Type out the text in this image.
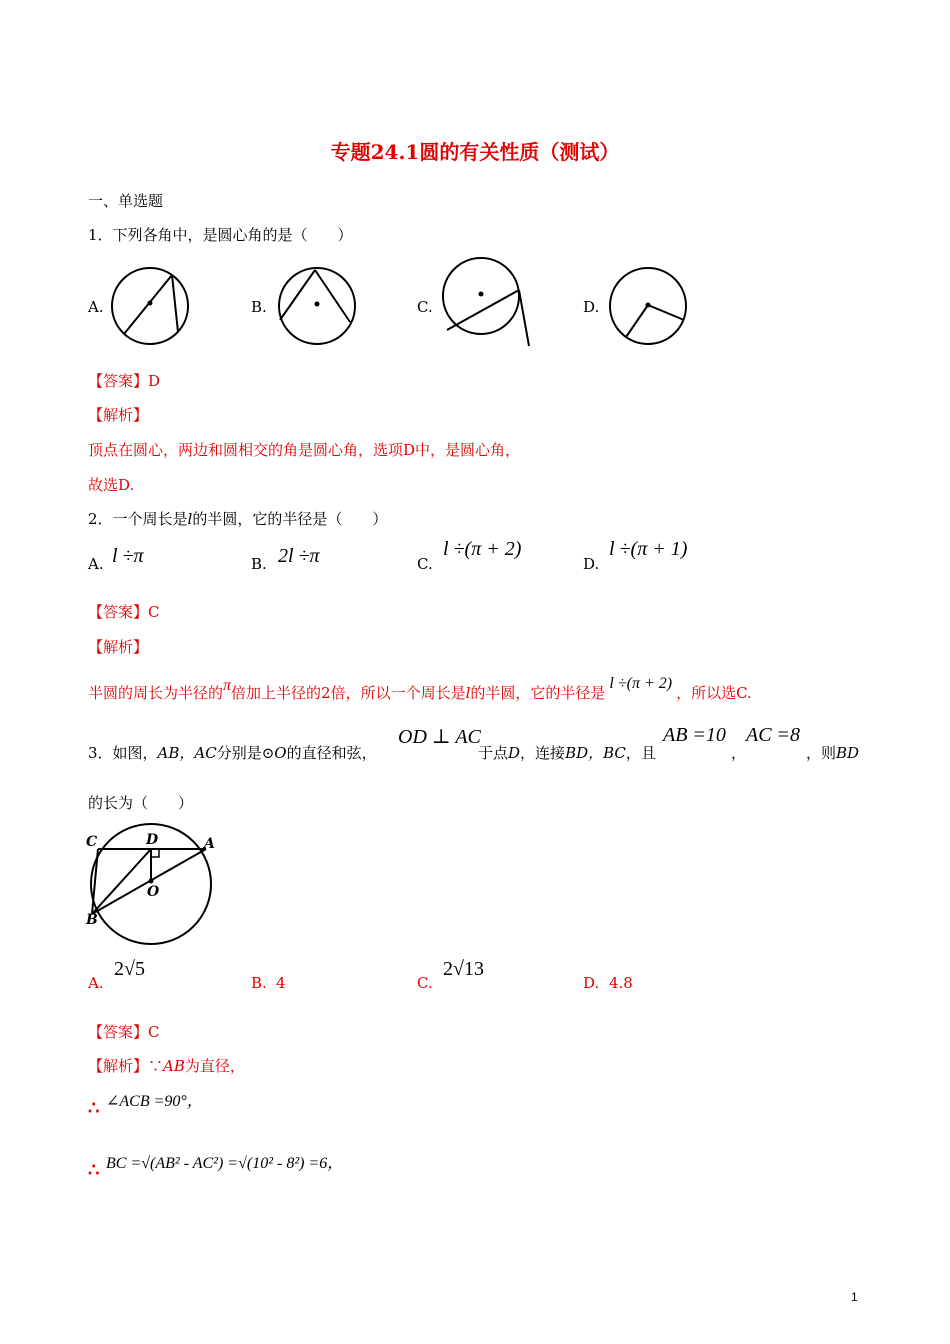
专题24.1圆的有关性质（测试）
一、单选题
1．下列各角中，是圆心角的是（　　）
A.	B.	C.	D.
【答案】D
【解析】
顶点在圆心，两边和圆相交的角是圆心角，选项D中，是圆心角，
故选D.
2．一个周长是l的半圆，它的半径是（　　）
A. l ÷π	B. 2l ÷π	C.
l ÷(π + 2)
D.
l ÷(π + 1)
【答案】C
【解析】
半圆的周长为半径的π倍加上半径的2倍，所以一个周长是l的半圆，它的半径是l ÷(π + 2)，所以选C.
3．如图，AB，AC分别是⊙O的直径和弦，
OD ⊥ AC
于点D，连接BD，BC，且
AB =10
，
AC =8
，则BD
的长为（　　）
C	D	A
O
B
A.
2√5
B. 4	C.
2√13
D. 4.8
【答案】C
【解析】∵AB为直径，
∴ ∠ACB =90°，
∴ BC =√(AB² - AC²) =√(10² - 8²) =6，
1
